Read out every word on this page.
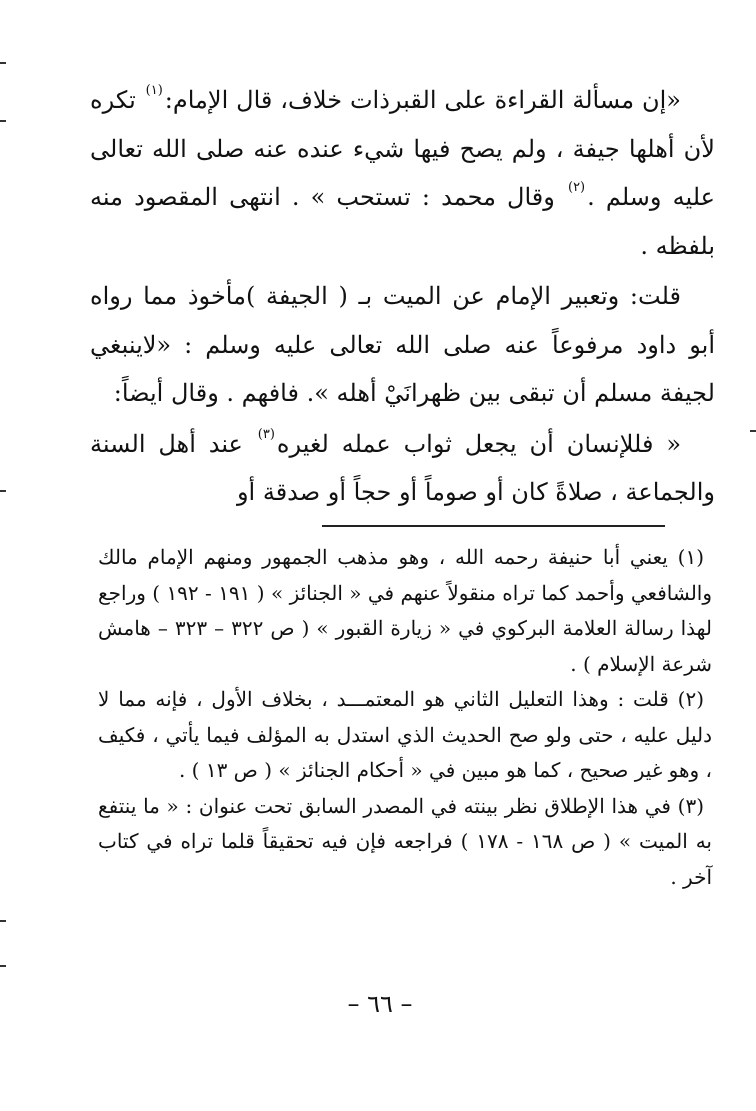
«إن مسألة القراءة على القبرذات خلاف، قال الإمام:$^{(١)}$ تكره لأن أهلها جيفة ، ولم يصح فيها شيء عنده عنه صلى الله تعالى عليه وسلم .$^{(٢)}$ وقال محمد : تستحب » . انتهى المقصود منه بلفظه .

قلت: وتعبير الإمام عن الميت بـ ( الجيفة )مأخوذ مما رواه أبو داود مرفوعاً عنه صلى الله تعالى عليه وسلم : «لاينبغي لجيفة مسلم أن تبقى بين ظهرانَيْ أهله ». فافهم . وقال أيضاً:

« فللإنسان أن يجعل ثواب عمله لغيره$^{(٣)}$ عند أهل السنة والجماعة ، صلاةً كان أو صوماً أو حجاً أو صدقة أو

(١) يعني أبا حنيفة رحمه الله ، وهو مذهب الجمهور ومنهم الإمام مالك والشافعي وأحمد كما تراه منقولاً عنهم في « الجنائز » ( ١٩١ - ١٩٢ ) وراجع لهذا رسالة العلامة البركوي في « زيارة القبور » ( ص ٣٢٢ – ٣٢٣ – هامش شرعة الإسلام ) .

(٢) قلت : وهذا التعليل الثاني هو المعتمـــد ، بخلاف الأول ، فإنه مما لا دليل عليه ، حتى ولو صح الحديث الذي استدل به المؤلف فيما يأتي ، فكيف ، وهو غير صحيح ، كما هو مبين في « أحكام الجنائز » ( ص ١٣ ) .

(٣) في هذا الإطلاق نظر بينته في المصدر السابق تحت عنوان : « ما ينتفع به الميت » ( ص ١٦٨ - ١٧٨ ) فراجعه فإن فيه تحقيقاً قلما تراه في كتاب آخر .

– ٦٦ –
